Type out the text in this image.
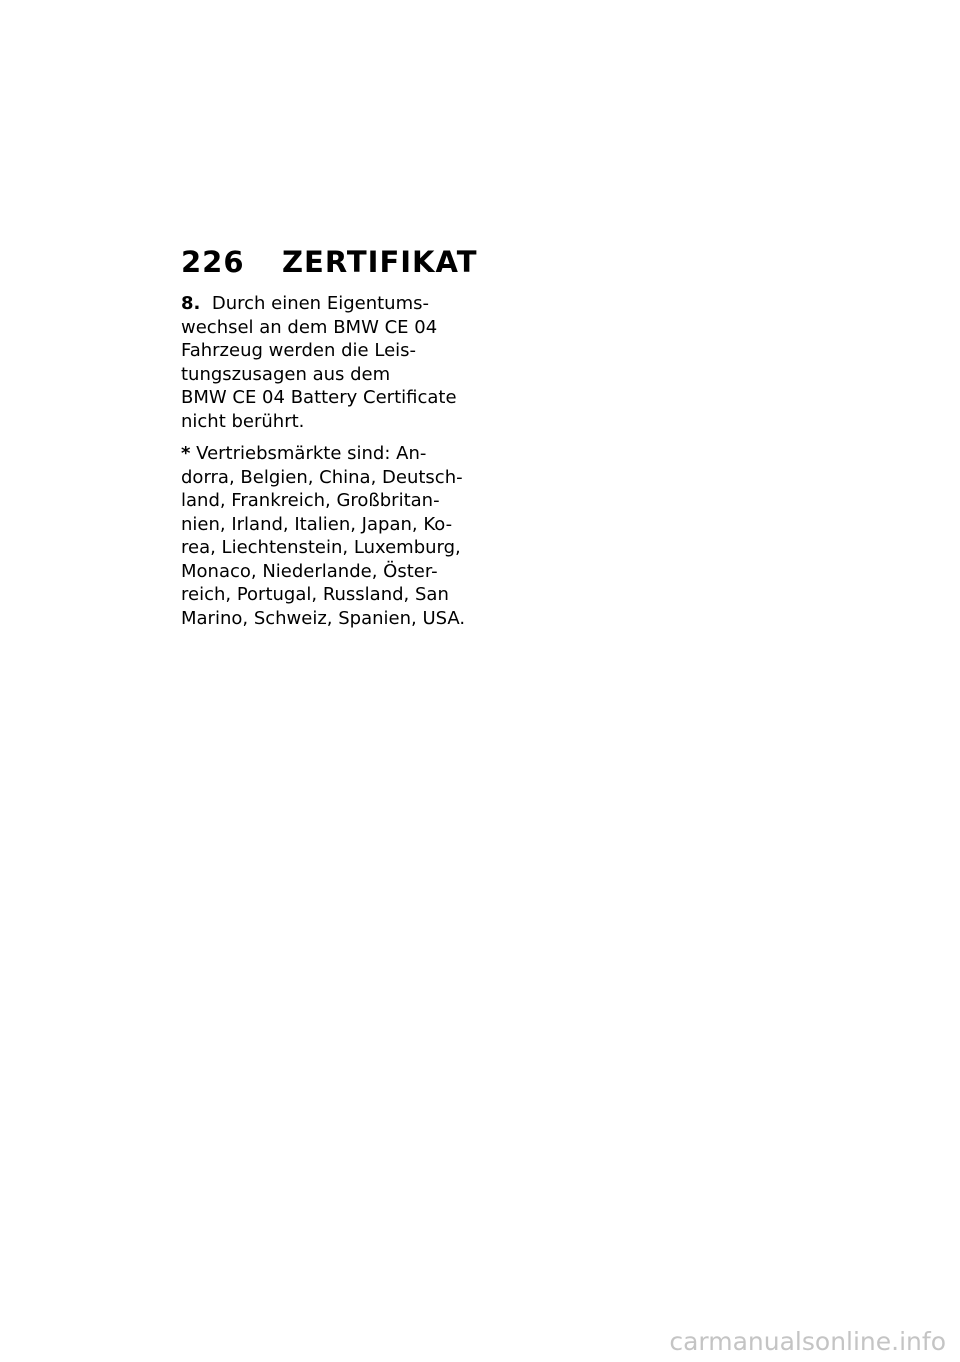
226 ZERTIFIKAT

8. Durch einen Eigentums-
wechsel an dem BMW CE 04
Fahrzeug werden die Leis-
tungszusagen aus dem
BMW CE 04 Battery Certificate
nicht berührt.

* Vertriebsmärkte sind: An-
dorra, Belgien, China, Deutsch-
land, Frankreich, Großbritan-
nien, Irland, Italien, Japan, Ko-
rea, Liechtenstein, Luxemburg,
Monaco, Niederlande, Öster-
reich, Portugal, Russland, San
Marino, Schweiz, Spanien, USA.

carmanualsonline.info
